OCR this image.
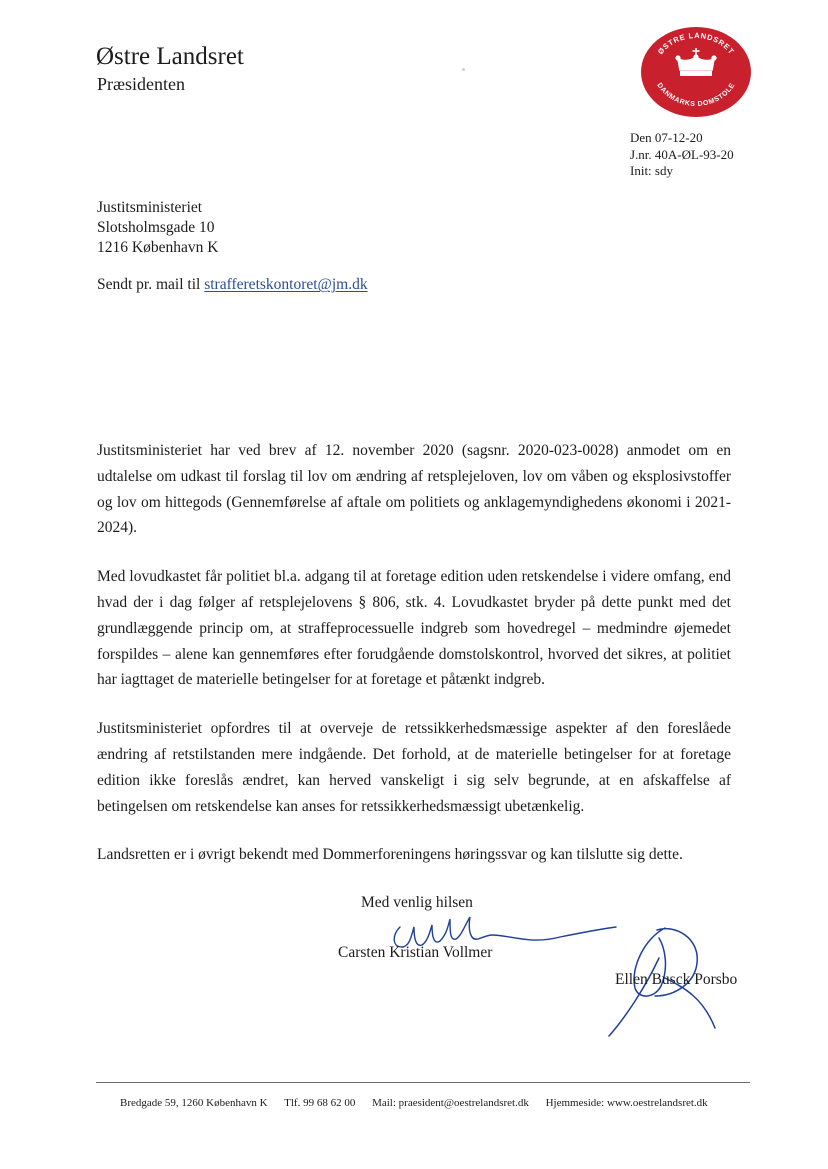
Østre Landsret
Præsidenten
ØSTRE LANDSRET
DANMARKS DOMSTOLE
Den 07-12-20
J.nr. 40A-ØL-93-20
Init: sdy
Justitsministeriet
Slotsholmsgade 10
1216 København K
Sendt pr. mail til strafferetskontoret@jm.dk

Justitsministeriet har ved brev af 12. november 2020 (sagsnr. 2020-023-0028) anmodet om en udtalelse om udkast til forslag til lov om ændring af retsplejeloven, lov om våben og eksplosivstoffer og lov om hittegods (Gennemførelse af aftale om politiets og anklagemyndighedens økonomi i 2021-2024).

Med lovudkastet får politiet bl.a. adgang til at foretage edition uden retskendelse i videre omfang, end hvad der i dag følger af retsplejelovens § 806, stk. 4. Lovudkastet bryder på dette punkt med det grundlæggende princip om, at straffeprocessuelle indgreb som hovedregel – medmindre øjemedet forspildes – alene kan gennemføres efter forudgående domstolskontrol, hvorved det sikres, at politiet har iagttaget de materielle betingelser for at foretage et påtænkt indgreb.

Justitsministeriet opfordres til at overveje de retssikkerhedsmæssige aspekter af den foreslåede ændring af retstilstanden mere indgående. Det forhold, at de materielle betingelser for at foretage edition ikke foreslås ændret, kan herved vanskeligt i sig selv begrunde, at en afskaffelse af betingelsen om retskendelse kan anses for retssikkerhedsmæssigt ubetænkelig.

Landsretten er i øvrigt bekendt med Dommerforeningens høringssvar og kan tilslutte sig dette.

Med venlig hilsen
Carsten Kristian Vollmer
Ellen Busck Porsbo
Bredgade 59, 1260 København K Tlf. 99 68 62 00 Mail: praesident@oestrelandsret.dk Hjemmeside: www.oestrelandsret.dk
